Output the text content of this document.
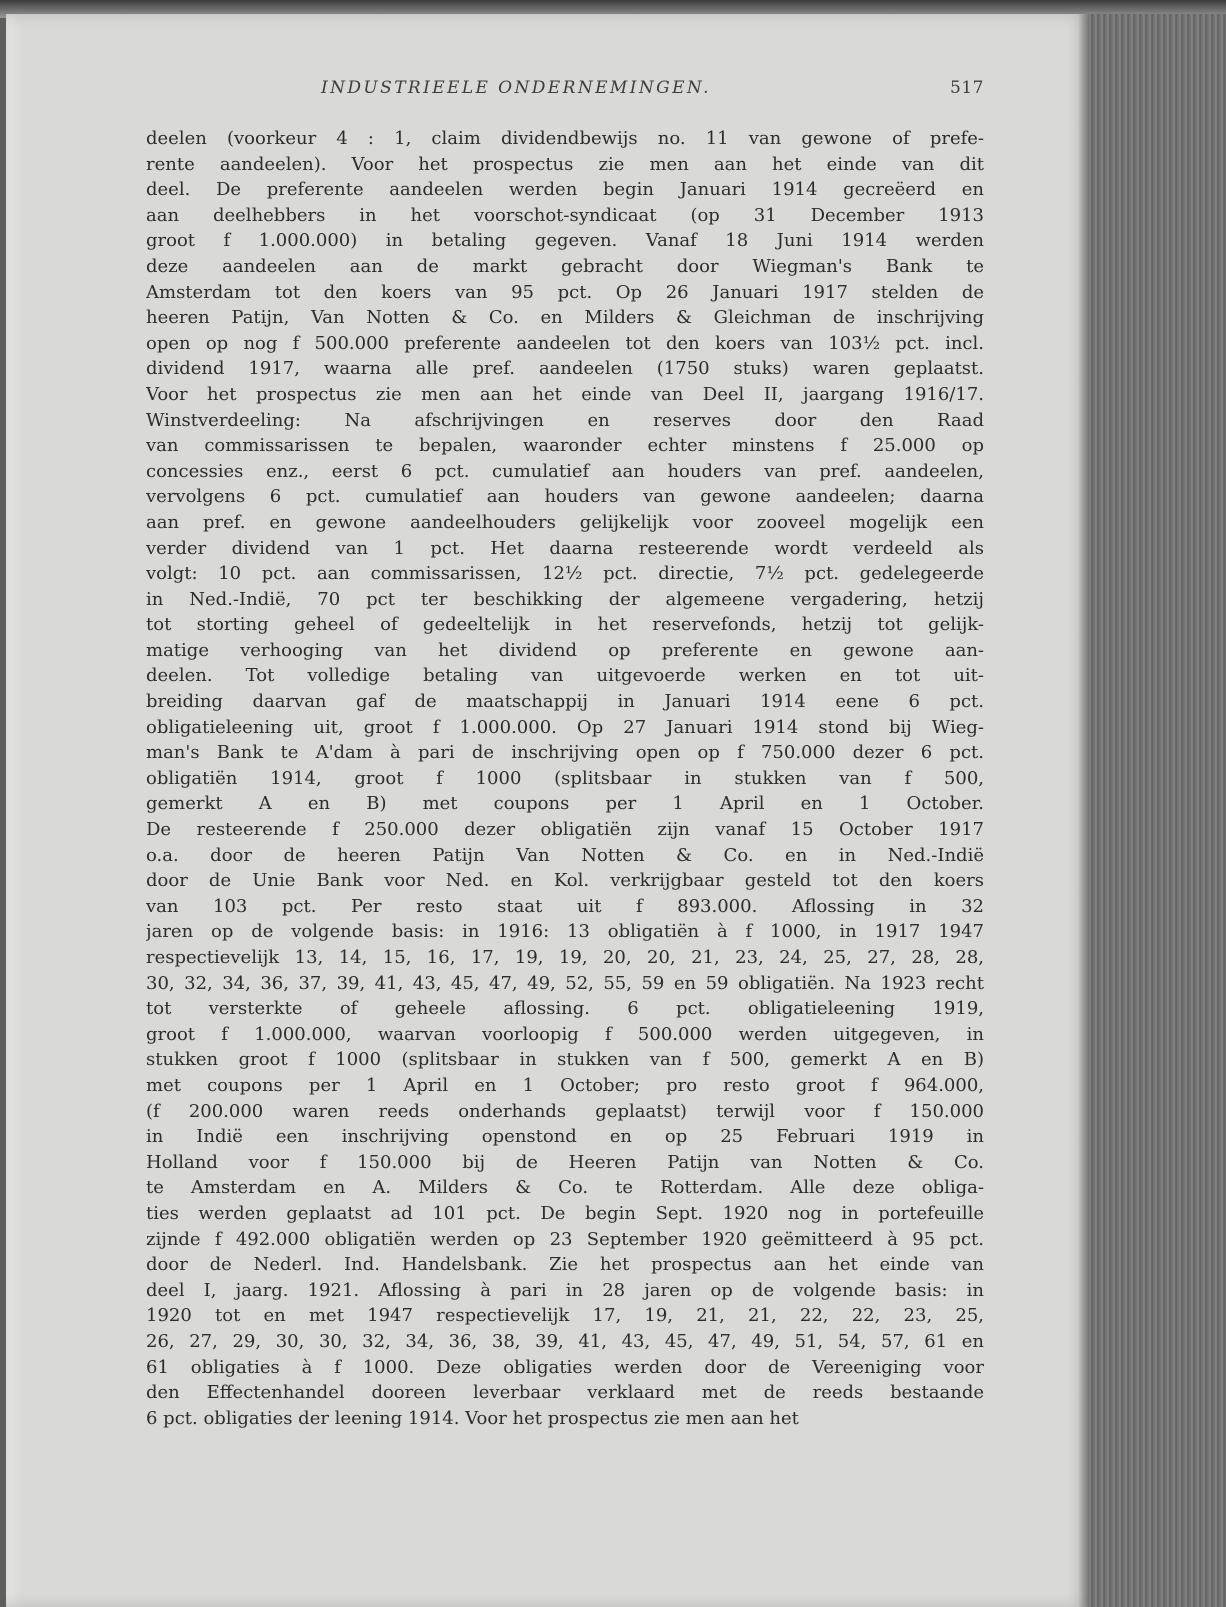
INDUSTRIEELE ONDERNEMINGEN.	517
deelen (voorkeur 4 : 1, claim dividendbewijs no. 11 van gewone of prefe-
rente aandeelen). Voor het prospectus zie men aan het einde van dit
deel. De preferente aandeelen werden begin Januari 1914 gecreëerd en
aan deelhebbers in het voorschot-syndicaat (op 31 December 1913
groot f 1.000.000) in betaling gegeven. Vanaf 18 Juni 1914 werden
deze aandeelen aan de markt gebracht door Wiegman's Bank te
Amsterdam tot den koers van 95 pct. Op 26 Januari 1917 stelden de
heeren Patijn, Van Notten & Co. en Milders & Gleichman de inschrijving
open op nog f 500.000 preferente aandeelen tot den koers van 103½ pct. incl.
dividend 1917, waarna alle pref. aandeelen (1750 stuks) waren geplaatst.
Voor het prospectus zie men aan het einde van Deel II, jaargang 1916/17.
Winstverdeeling: Na afschrijvingen en reserves door den Raad
van commissarissen te bepalen, waaronder echter minstens f 25.000 op
concessies enz., eerst 6 pct. cumulatief aan houders van pref. aandeelen,
vervolgens 6 pct. cumulatief aan houders van gewone aandeelen; daarna
aan pref. en gewone aandeelhouders gelijkelijk voor zooveel mogelijk een
verder dividend van 1 pct. Het daarna resteerende wordt verdeeld als
volgt: 10 pct. aan commissarissen, 12½ pct. directie, 7½ pct. gedelegeerde
in Ned.-Indië, 70 pct ter beschikking der algemeene vergadering, hetzij
tot storting geheel of gedeeltelijk in het reservefonds, hetzij tot gelijk-
matige verhooging van het dividend op preferente en gewone aan-
deelen. Tot volledige betaling van uitgevoerde werken en tot uit-
breiding daarvan gaf de maatschappij in Januari 1914 eene 6 pct.
obligatieleening uit, groot f 1.000.000. Op 27 Januari 1914 stond bij Wieg-
man's Bank te A'dam à pari de inschrijving open op f 750.000 dezer 6 pct.
obligatiën 1914, groot f 1000 (splitsbaar in stukken van f 500,
gemerkt A en B) met coupons per 1 April en 1 October.
De resteerende f 250.000 dezer obligatiën zijn vanaf 15 October 1917
o.a. door de heeren Patijn Van Notten & Co. en in Ned.-Indië
door de Unie Bank voor Ned. en Kol. verkrijgbaar gesteld tot den koers
van 103 pct. Per resto staat uit f 893.000. Aflossing in 32
jaren op de volgende basis: in 1916: 13 obligatiën à f 1000, in 1917 1947
respectievelijk 13, 14, 15, 16, 17, 19, 19, 20, 20, 21, 23, 24, 25, 27, 28, 28,
30, 32, 34, 36, 37, 39, 41, 43, 45, 47, 49, 52, 55, 59 en 59 obligatiën. Na 1923 recht
tot versterkte of geheele aflossing. 6 pct. obligatieleening 1919,
groot f 1.000.000, waarvan voorloopig f 500.000 werden uitgegeven, in
stukken groot f 1000 (splitsbaar in stukken van f 500, gemerkt A en B)
met coupons per 1 April en 1 October; pro resto groot f 964.000,
(f 200.000 waren reeds onderhands geplaatst) terwijl voor f 150.000
in Indië een inschrijving openstond en op 25 Februari 1919 in
Holland voor f 150.000 bij de Heeren Patijn van Notten & Co.
te Amsterdam en A. Milders & Co. te Rotterdam. Alle deze obliga-
ties werden geplaatst ad 101 pct. De begin Sept. 1920 nog in portefeuille
zijnde f 492.000 obligatiën werden op 23 September 1920 geëmitteerd à 95 pct.
door de Nederl. Ind. Handelsbank. Zie het prospectus aan het einde van
deel I, jaarg. 1921. Aflossing à pari in 28 jaren op de volgende basis: in
1920 tot en met 1947 respectievelijk 17, 19, 21, 21, 22, 22, 23, 25,
26, 27, 29, 30, 30, 32, 34, 36, 38, 39, 41, 43, 45, 47, 49, 51, 54, 57, 61 en
61 obligaties à f 1000. Deze obligaties werden door de Vereeniging voor
den Effectenhandel dooreen leverbaar verklaard met de reeds bestaande
6 pct. obligaties der leening 1914. Voor het prospectus zie men aan het
